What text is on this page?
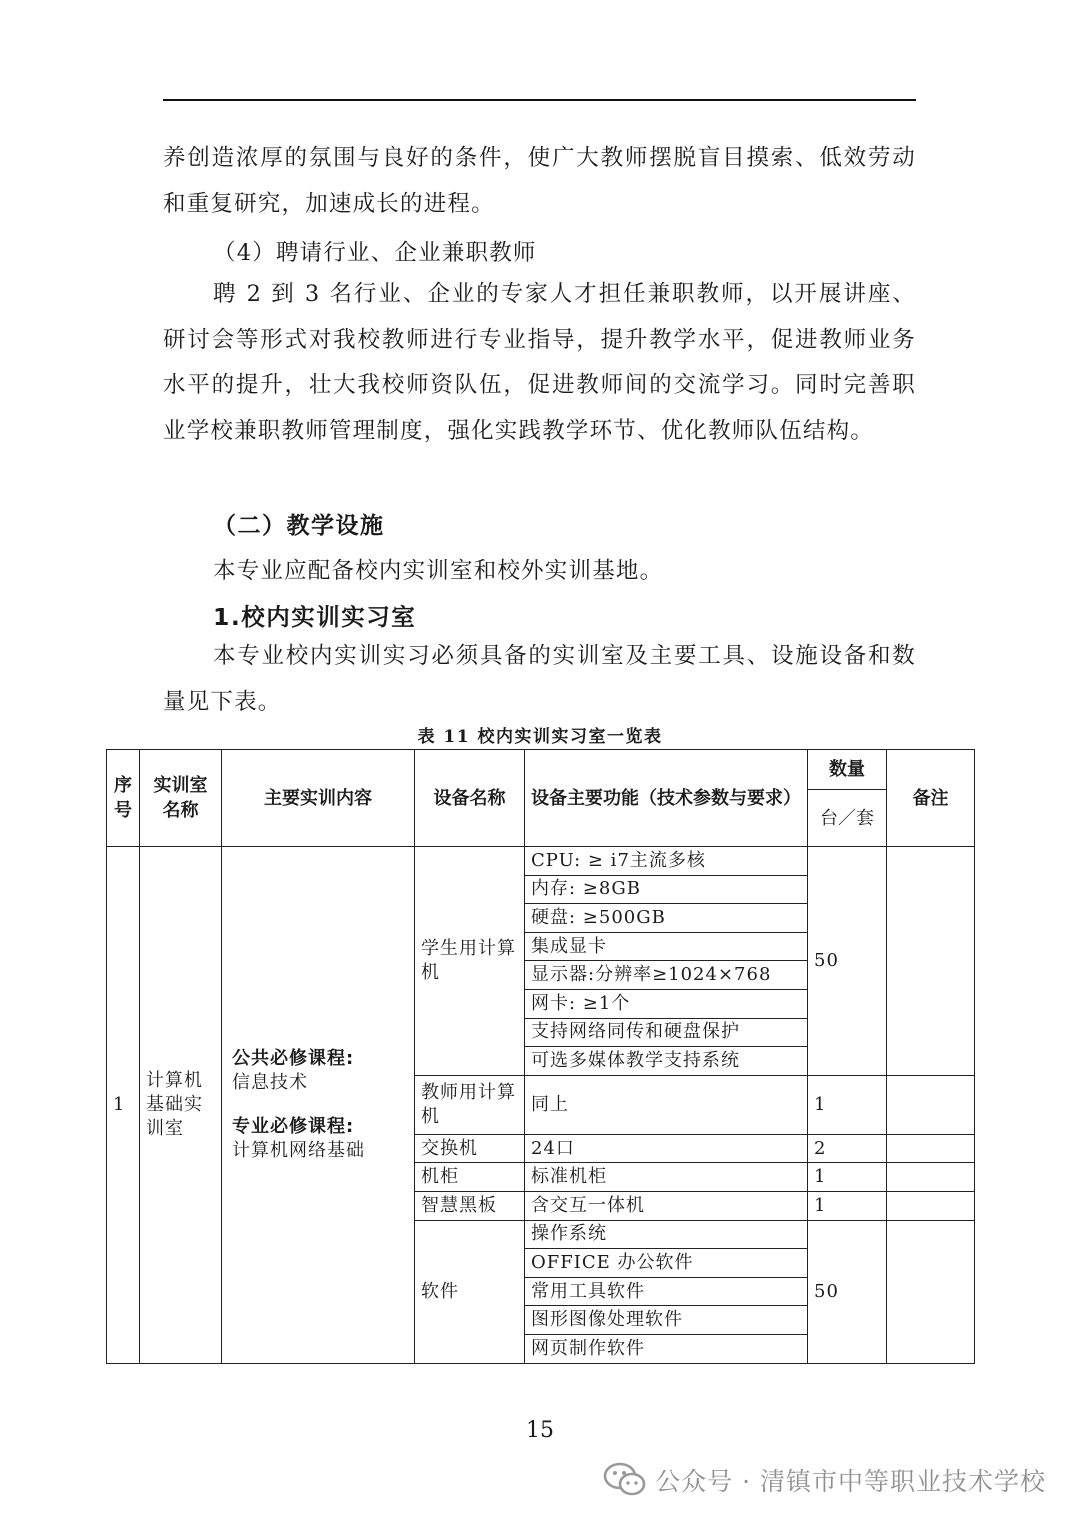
养创造浓厚的氛围与良好的条件，使广大教师摆脱盲目摸索、低效劳动和重复研究，加速成长的进程。

（4）聘请行业、企业兼职教师

聘 2 到 3 名行业、企业的专家人才担任兼职教师，以开展讲座、研讨会等形式对我校教师进行专业指导，提升教学水平，促进教师业务水平的提升，壮大我校师资队伍，促进教师间的交流学习。同时完善职业学校兼职教师管理制度，强化实践教学环节、优化教师队伍结构。

（二）教学设施

本专业应配备校内实训室和校外实训基地。

1.校内实训实习室

本专业校内实训实习必须具备的实训室及主要工具、设施设备和数量见下表。

表 11 校内实训实习室一览表
序号	实训室名称	主要实训内容	设备名称	设备主要功能（技术参数与要求）	数量	备注
					台／套	
1	计算机基础实训室	公共必修课程:
信息技术
专业必修课程:
计算机网络基础	学生用计算机	CPU: ≥ i7主流多核	50	
				内存: ≥8GB		
				硬盘: ≥500GB		
				集成显卡		
				显示器:分辨率≥1024×768		
				网卡: ≥1个		
				支持网络同传和硬盘保护		
				可选多媒体教学支持系统		
			教师用计算机	同上	1	
			交换机	24口	2	
			机柜	标准机柜	1	
			智慧黑板	含交互一体机	1	
			软件	操作系统	50	
				OFFICE 办公软件		
				常用工具软件		
				图形图像处理软件		
				网页制作软件		
15
公众号 · 清镇市中等职业技术学校
